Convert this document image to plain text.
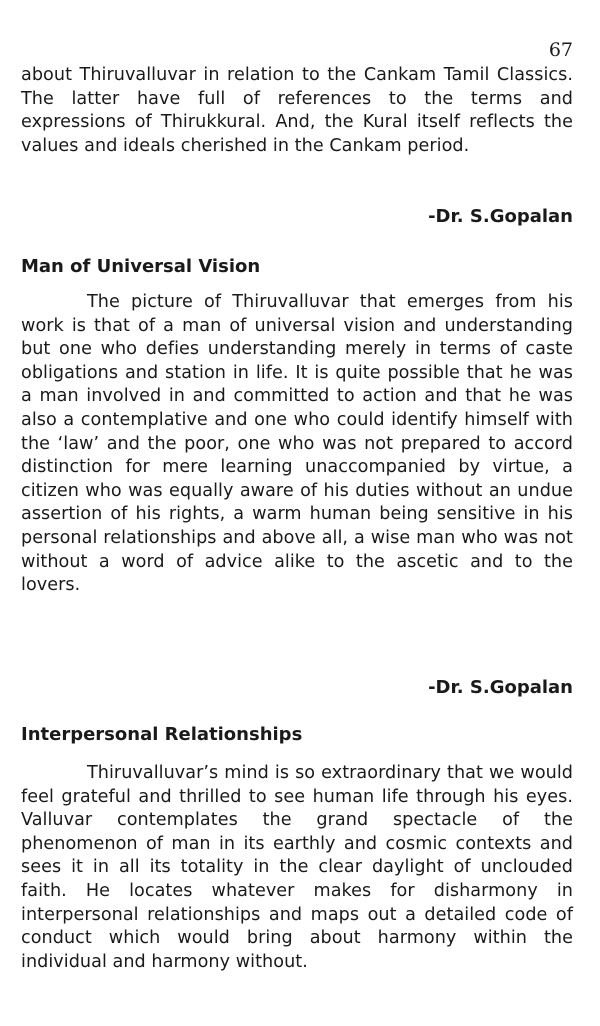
67

about Thiruvalluvar in relation to the Cankam Tamil Classics. The latter have full of references to the terms and expressions of Thirukkural. And, the Kural itself reflects the values and ideals cherished in the Cankam period.

-Dr. S.Gopalan

Man of Universal Vision

The picture of Thiruvalluvar that emerges from his work is that of a man of universal vision and understanding but one who defies understanding merely in terms of caste obligations and station in life. It is quite possible that he was a man involved in and committed to action and that he was also a contemplative and one who could identify himself with the ‘law’ and the poor, one who was not prepared to accord distinction for mere learning unaccompanied by virtue, a citizen who was equally aware of his duties without an undue assertion of his rights, a warm human being sensitive in his personal relationships and above all, a wise man who was not without a word of advice alike to the ascetic and to the lovers.

-Dr. S.Gopalan

Interpersonal Relationships

Thiruvalluvar’s mind is so extraordinary that we would feel grateful and thrilled to see human life through his eyes. Valluvar contemplates the grand spectacle of the phenomenon of man in its earthly and cosmic contexts and sees it in all its totality in the clear daylight of unclouded faith. He locates whatever makes for disharmony in interpersonal relationships and maps out a detailed code of conduct which would bring about harmony within the individual and harmony without.
